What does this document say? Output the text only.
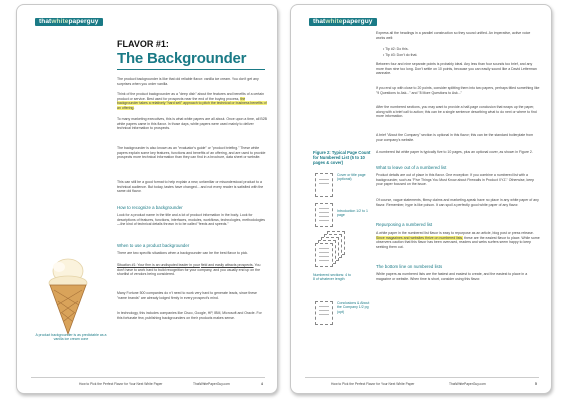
thatwhitepaperguy
FLAVOR #1:
The Backgrounder
The product backgrounder is like that old reliable flavor: vanilla ice cream. You don't get any surprises when you order vanilla.
Think of the product backgrounder as a "deep dish" about the features and benefits of a certain product or service. Best used for prospects near the end of the buying process, the backgrounder takes a relatively "hard sell" approach to pitch the technical or business benefits of an offering.
To many marketing executives, this is what white papers are all about. Once upon a time, all B2B white papers came in this flavor. In those days, white papers were used mainly to deliver technical information to prospects.
The backgrounder is also known as an "evaluator's guide" or "product briefing." These white papers explain some key features, functions and benefits of an offering, and are used to provide prospects more technical information than they can find in a brochure, data sheet or website.
This can still be a good format to help explain a new, unfamiliar or misunderstood product to a technical audience. But today, tastes have changed... and not every reader is satisfied with the same old flavor.
How to recognize a backgrounder
Look for a product name in the title and a lot of product information in the body. Look for descriptions of features, functions, interfaces, modules, workflows, technologies, methodologies—the kind of technical details thrown in to be called "feeds and speeds."
When to use a product backgrounder
There are two specific situations when a backgrounder can be the best flavor to pick.
Situation #1: Your firm is an undisputed leader in your field and easily attracts prospects. You don't have to work hard to build recognition for your company, and you usually end up on the shortlist of vendors being considered.
Many Fortune 500 companies do n't need to work very hard to generate leads, since these "name brands" are already lodged firmly in every prospect's mind.
In technology, this includes companies like Cisco, Google, HP, IBM, Microsoft and Oracle. For this fortunate few, publishing backgrounders on their products makes sense.
A product backgrounder is as predictable as a vanilla ice cream cone
How to Pick the Perfect Flavor for Your Next White Paper	ThatWhitePaperGuy.com	4
thatwhitepaperguy
Express all the headings in a parallel construction so they sound unified. An imperative, active voice works well:
• Tip #2: Do this.
• Tip #3: Don't do that.
Between four and nine separate points is probably ideal. Any less than four sounds too brief, and any more than nine too long. Don't settle on 10 points, because you can easily sound like a David Letterman wannabe.
If you end up with close to 20 points, consider splitting them into two papers, perhaps titled something like "9 Questions to Ask..." and "8 More Questions to Ask..."
After the numbered sections, you may want to provide a half-page conclusion that wraps up the paper, along with a brief call to action; this can be a single sentence describing what to do next or where to find more information.
A brief "About the Company" section is optional in this flavor; this can be the standard boilerplate from your company's website.
A numbered list white paper is typically five to 10 pages, plus an optional cover, as shown in Figure 2.
What to leave out of a numbered list
Product details are out of place in this flavor. One exception: If you combine a numbered list with a backgrounder, such as "Five Things You Must Know about Firewalls in Product XYZ." Otherwise, keep your paper focused on the issue.
Of course, vague statements, flimsy claims and marketing-speak have no place in any white paper of any flavor. Remember, hype is like poison. It can spoil a perfectly good white paper of any flavor.
Repurposing a numbered list
A white paper in the numbered list flavor is easy to repurpose as an article, blog post or press release. Since magazines and websites thrive on numbered lists, these are the easiest flavor to place. While some observers caution that this flavor has been overused, readers and webs surfers seem happy to keep seeking them out.
The bottom line on numbered lists
White papers as numbered lists are the fastest and easiest to create, and the easiest to place in a magazine or website. When time is short, consider using this flavor.
Figure 2: Typical Page Count for Numbered List (5 to 10 pages & cover)
Cover or title page (optional)
Introduction 1/2 to 1 page
Numbered sections: 4 to 8 of whatever length
Conclusions & About the Company 1/2 pg (opt)
How to Pick the Perfect Flavor for Your Next White Paper	ThatWhitePaperGuy.com	5
